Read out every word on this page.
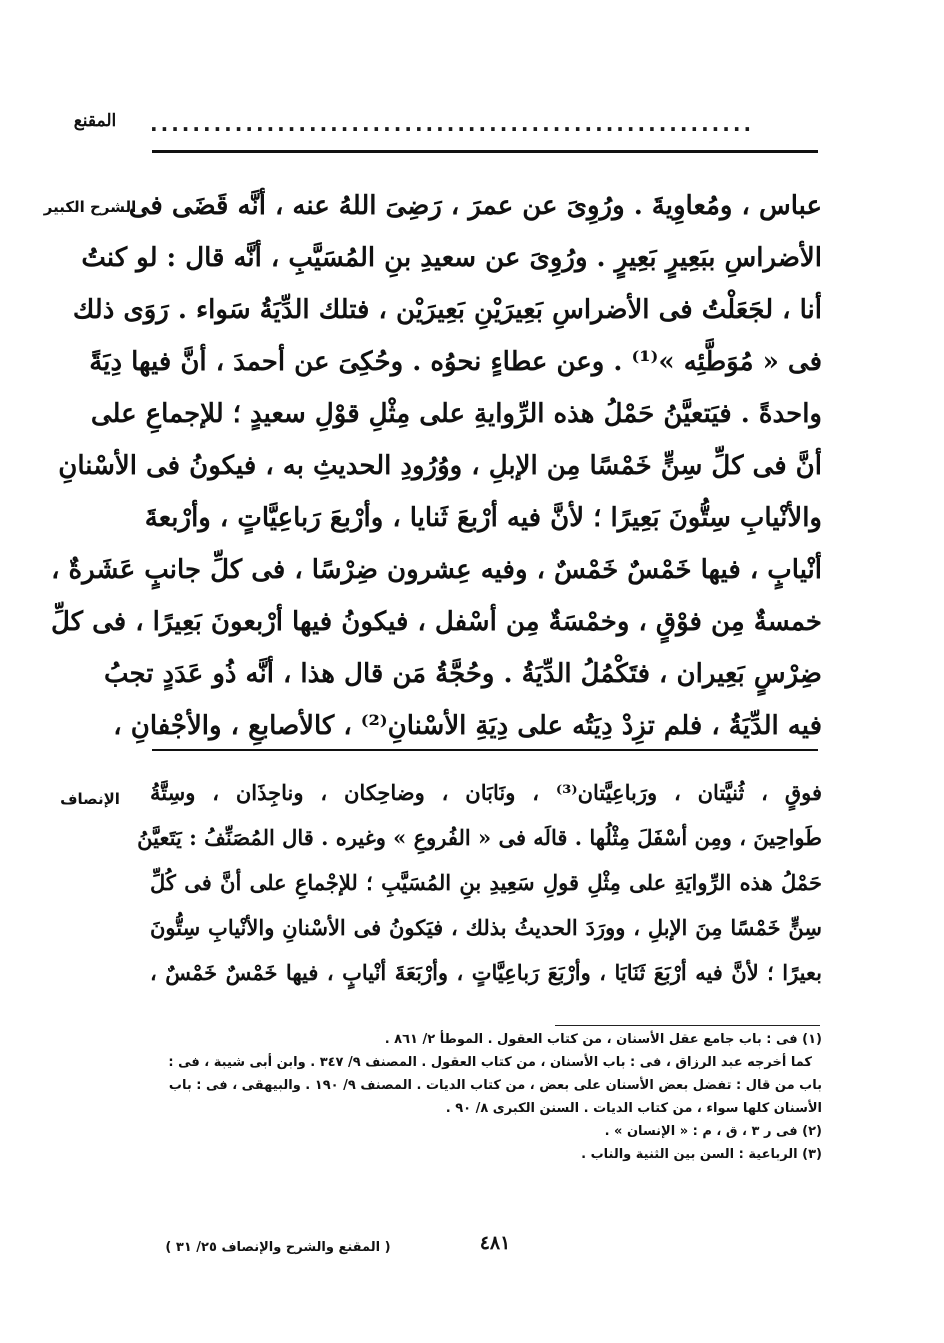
المقنع	.........................................................
الشرح الكبير
عباس ، ومُعاوِيةَ . ورُوِىَ عن عمرَ ، رَضِىَ اللهُ عنه ، أنَّه قَضَى فى
الأضراسِ ببَعِيرٍ بَعِيرٍ . ورُوِىَ عن سعيدِ بنِ المُسَيَّبِ ، أنَّه قال : لو كنتُ
أنا ، لجَعَلْتُ فى الأضراسِ بَعِيرَيْنِ بَعِيرَيْن ، فتلك الدِّيَةُ سَواء . رَوَى ذلك
فى « مُوَطَّئِه »⁽¹⁾ . وعن عطاءٍ نحوُه . وحُكِىَ عن أحمدَ ، أنَّ فيها دِيَةً
واحدةً . فيَتعيَّنُ حَمْلُ هذه الرِّوايةِ على مِثْلِ قوْلِ سعيدٍ ؛ للإجماعِ على
أنَّ فى كلِّ سِنٍّ خَمْسًا مِن الإبلِ ، ووُرُودِ الحديثِ به ، فيكونُ فى الأسْنانِ
والأنْيابِ سِتُّونَ بَعِيرًا ؛ لأنَّ فيه أرْبعَ ثَنايا ، وأرْبعَ رَباعِيَّاتٍ ، وأرْبعةَ
أنْيابٍ ، فيها خَمْسٌ خَمْسٌ ، وفيه عِشرون ضِرْسًا ، فى كلِّ جانبٍ عَشَرةٌ ،
خمسةٌ مِن فوْقٍ ، وخمْسَةٌ مِن أسْفل ، فيكونُ فيها أرْبعونَ بَعِيرًا ، فى كلِّ
ضِرْسٍ بَعِيران ، فتَكْمُلُ الدِّيَةُ . وحُجَّةُ مَن قال هذا ، أنَّه ذُو عَدَدٍ تجبُ
فيه الدِّيَةُ ، فلم تزِدْ دِيَتُه على دِيَةِ الأسْنانِ⁽²⁾ ، كالأصابعِ ، والأجْفانِ ،
الإنصاف	فوقٍ ، ثُنيَّتان ، ورَباعِيَّتان⁽³⁾ ، ونَابَان ، وضاحِكان ، وناجِذَان ، وسِتَّةُ
طَواحِينَ ، ومِن أسْفَلَ مِثْلُها . قالَه فى « الفُروعِ » وغيره . قال المُصَنِّفُ : يَتَعيَّنُ
حَمْلُ هذه الرِّوايَةِ على مِثْلِ قولِ سَعِيدِ بنِ المُسَيَّبِ ؛ للإجْماعِ على أنَّ فى كُلِّ
سِنٍّ خَمْسًا مِنَ الإبلِ ، وورَدَ الحديثُ بذلك ، فيَكونُ فى الأسْنانِ والأنْيابِ سِتُّونَ
بعيرًا ؛ لأنَّ فيه أرْبَعَ ثَنَايَا ، وأرْبَعَ رَباعِيَّاتٍ ، وأرْبَعَةَ أنْيابٍ ، فيها خَمْسٌ خَمْسٌ ،
(١) فى : باب جامع عقل الأسنان ، من كتاب العقول . الموطأ ٢/ ٨٦١ .
كما أخرجه عبد الرزاق ، فى : باب الأسنان ، من كتاب العقول . المصنف ٩/ ٣٤٧ . وابن أبى شيبة ، فى :
باب من قال : تفضل بعض الأسنان على بعض ، من كتاب الديات . المصنف ٩/ ١٩٠ . والبيهقى ، فى : باب
الأسنان كلها سواء ، من كتاب الديات . السنن الكبرى ٨/ ٩٠ .
(٢) فى ر ٣ ، ق ، م : « الإنسان » .
(٣) الرباعية : السن بين الثنية والناب .
( المقنع والشرح والإنصاف ٢٥/ ٣١ )	٤٨١
